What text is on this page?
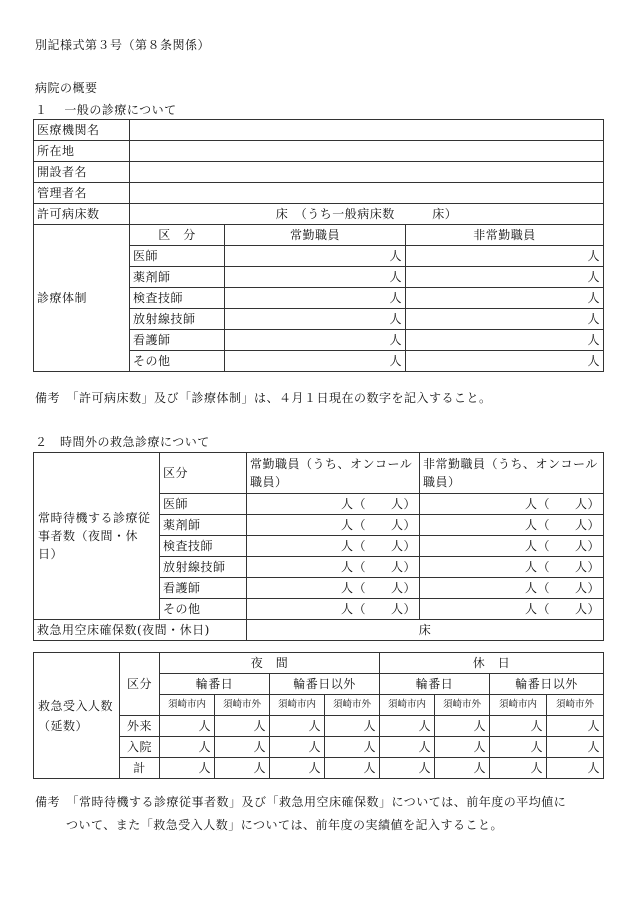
別記様式第３号（第８条関係）
病院の概要
１　 一般の診療について
医療機関名			
所在地			
開設者名			
管理者名			
許可病床数	床　（うち一般病床数　　　床）		
診療体制	区　分	常勤職員	非常勤職員
	医師	人	人
	薬剤師	人	人
	検査技師	人	人
	放射線技師	人	人
	看護師	人	人
	その他	人	人
備考　「許可病床数」及び「診療体制」は、４月１日現在の数字を記入すること。
２　時間外の救急診療について
常時待機する診療従事者数（夜間・休日）	区分	常勤職員（うち、オンコール職員）	非常勤職員（うち、オンコール職員）
	医師	人（　　人）	人（　　人）
	薬剤師	人（　　人）	人（　　人）
	検査技師	人（　　人）	人（　　人）
	放射線技師	人（　　人）	人（　　人）
	看護師	人（　　人）	人（　　人）
	その他	人（　　人）	人（　　人）
救急用空床確保数(夜間・休日)		床	
救急受入人数（延数）	区分	夜　間				休　日			
		輪番日		輪番日以外		輪番日		輪番日以外	
		須崎市内	須崎市外	須崎市内	須崎市外	須崎市内	須崎市外	須崎市内	須崎市外
	外来	人	人	人	人	人	人	人	人
	入院	人	人	人	人	人	人	人	人
	計	人	人	人	人	人	人	人	人
備考　「常時待機する診療従事者数」及び「救急用空床確保数」については、前年度の平均値に
ついて、また「救急受入人数」については、前年度の実績値を記入すること。
